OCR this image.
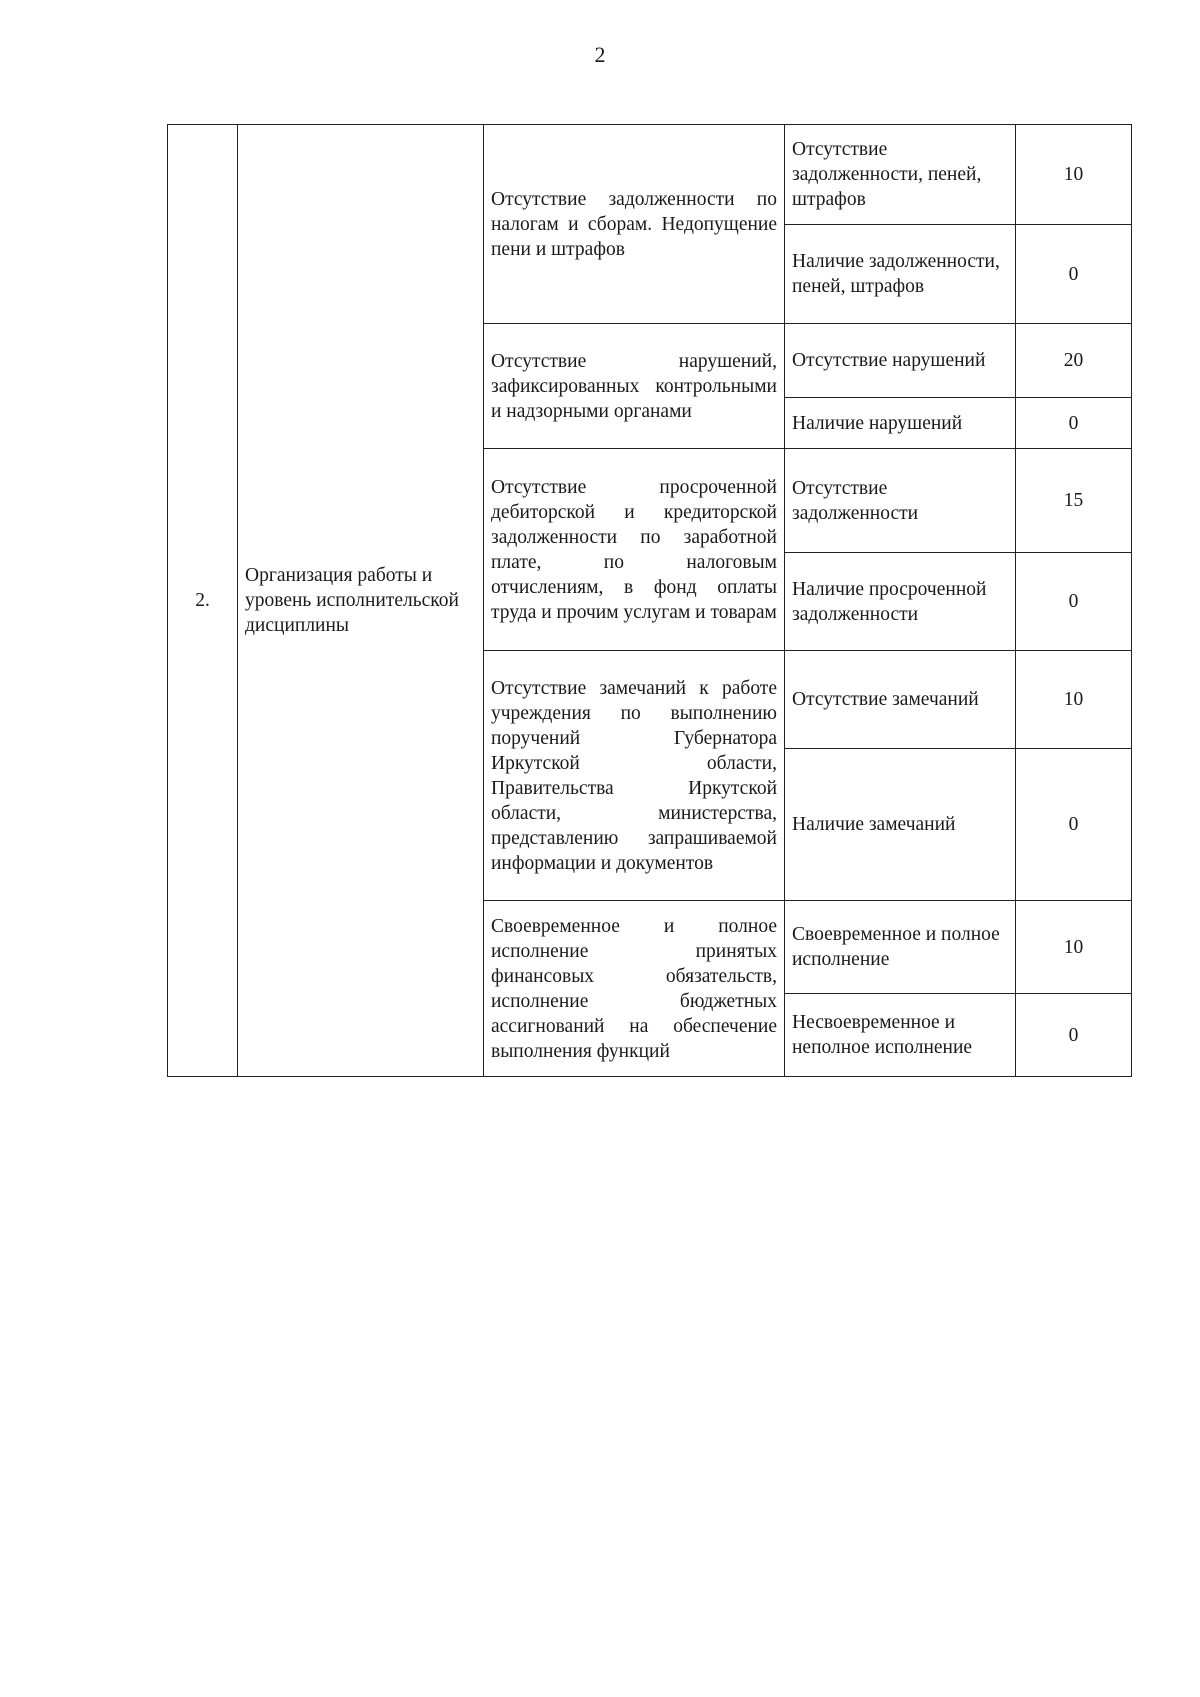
2
2.	Организация работы и уровень исполнительской дисциплины	Отсутствие задолженности по налогам и сборам. Недопущение пени и штрафов	Отсутствие задолженности, пеней, штрафов	10
			Наличие задолженности, пеней, штрафов	0
		Отсутствие нарушений, зафиксированных контрольными и надзорными органами	Отсутствие нарушений	20
			Наличие нарушений	0
		Отсутствие просроченной дебиторской и кредиторской задолженности по заработной плате, по налоговым отчислениям, в фонд оплаты труда и прочим услугам и товарам	Отсутствие задолженности	15
			Наличие просроченной задолженности	0
		Отсутствие замечаний к работе учреждения по выполнению поручений Губернатора Иркутской области, Правительства Иркутской области, министерства, представлению запрашиваемой информации и документов	Отсутствие замечаний	10
			Наличие замечаний	0
		Своевременное и полное исполнение принятых финансовых обязательств, исполнение бюджетных ассигнований на обеспечение выполнения функций	Своевременное и полное исполнение	10
			Несвоевременное и неполное исполнение	0
